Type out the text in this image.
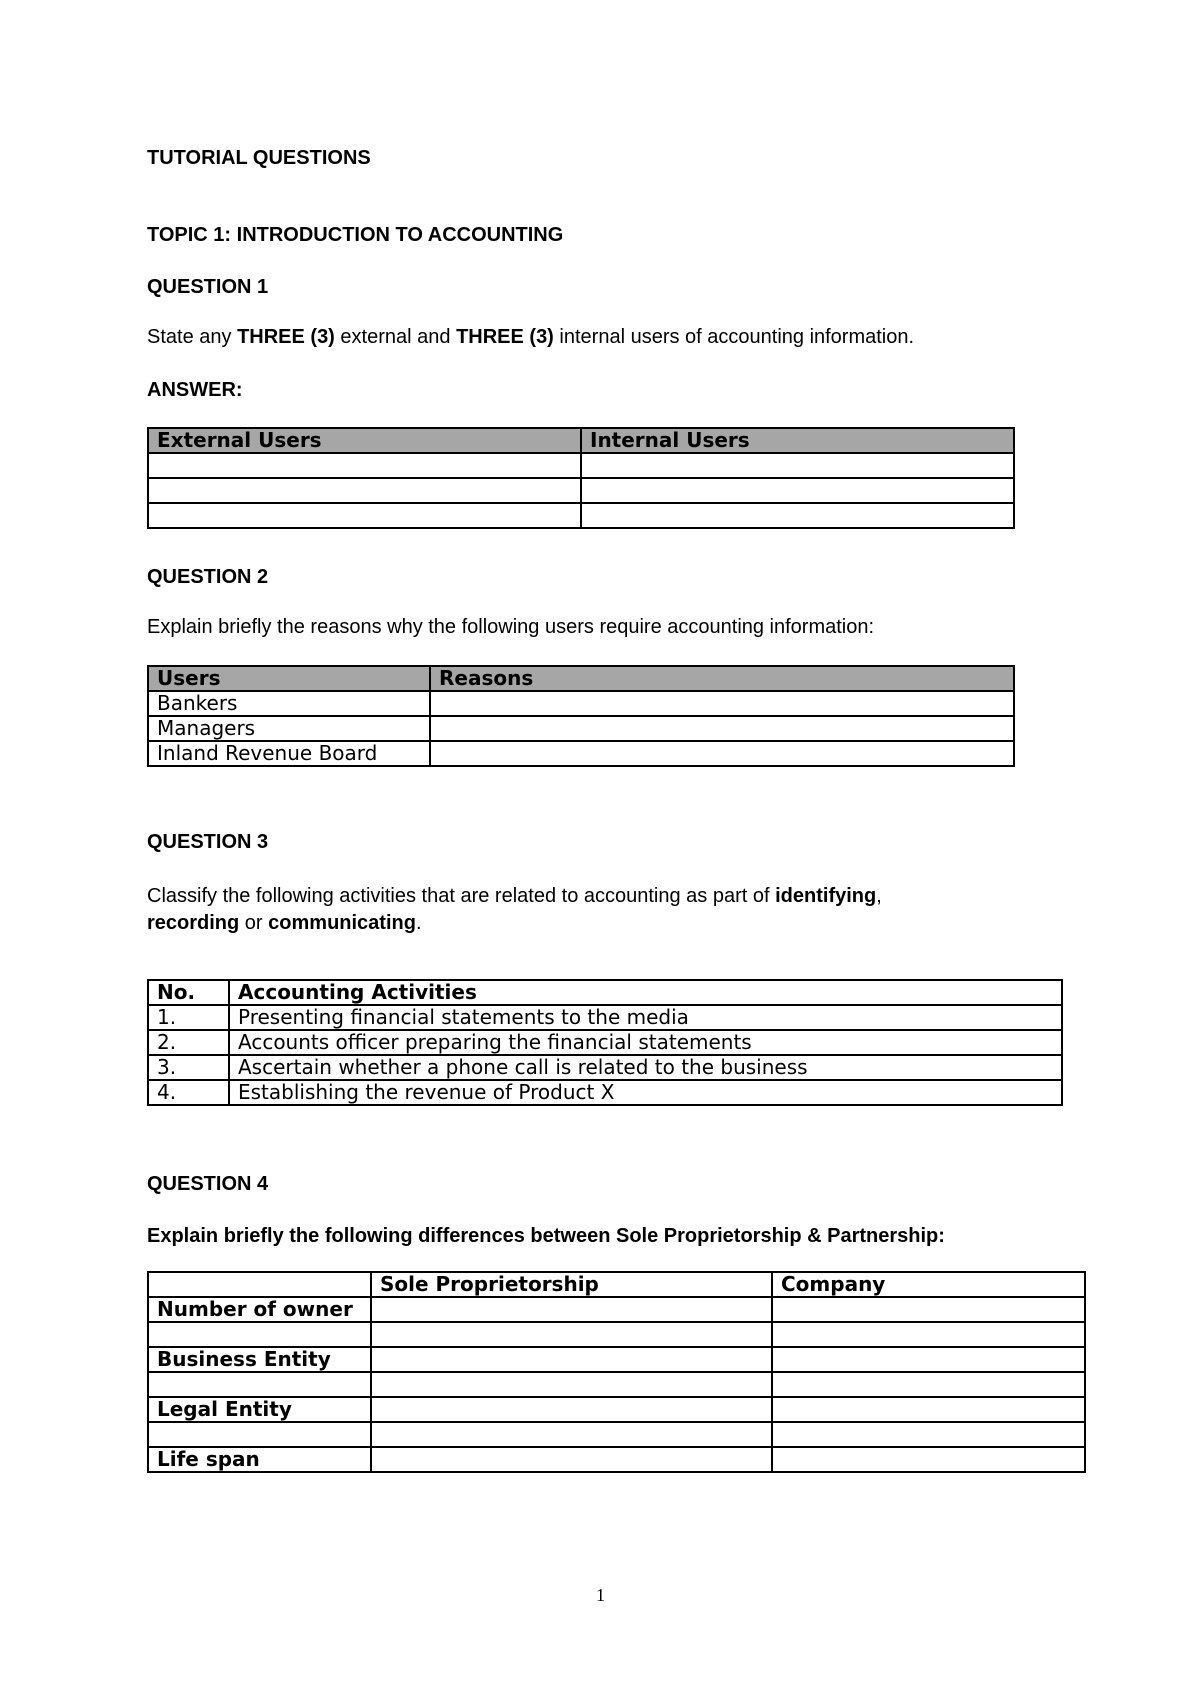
TUTORIAL QUESTIONS
TOPIC 1: INTRODUCTION TO ACCOUNTING
QUESTION 1
State any THREE (3) external and THREE (3) internal users of accounting information.
ANSWER:
External Users	Internal Users

QUESTION 2
Explain briefly the reasons why the following users require accounting information:
Users	Reasons
Bankers	
Managers	
Inland Revenue Board	
QUESTION 3
Classify the following activities that are related to accounting as part of identifying,
recording or communicating.
No.	Accounting Activities
1.	Presenting financial statements to the media
2.	Accounts officer preparing the financial statements
3.	Ascertain whether a phone call is related to the business
4.	Establishing the revenue of Product X
QUESTION 4
Explain briefly the following differences between Sole Proprietorship & Partnership:
	Sole Proprietorship	Company
Number of owner		

Business Entity		

Legal Entity		

Life span		
1
